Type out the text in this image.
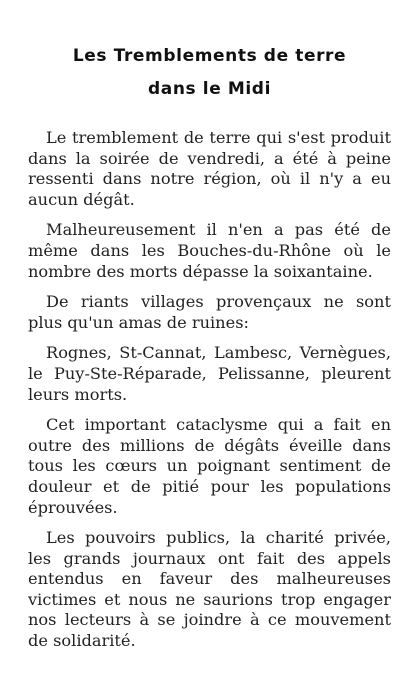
Les Tremblements de terre
dans le Midi

Le tremblement de terre qui s'est produit dans la soirée de vendredi, a été à peine ressenti dans notre région, où il n'y a eu aucun dégât.

Malheureusement il n'en a pas été de même dans les Bouches-du-Rhône où le nombre des morts dépasse la soixantaine.

De riants villages provençaux ne sont plus qu'un amas de ruines:

Rognes, St-Cannat, Lambesc, Vernègues, le Puy-Ste-Réparade, Pelissanne, pleurent leurs morts.

Cet important cataclysme qui a fait en outre des millions de dégâts éveille dans tous les cœurs un poignant sentiment de douleur et de pitié pour les populations éprouvées.

Les pouvoirs publics, la charité privée, les grands journaux ont fait des appels entendus en faveur des malheureuses victimes et nous ne saurions trop engager nos lecteurs à se joindre à ce mouvement de solidarité.
